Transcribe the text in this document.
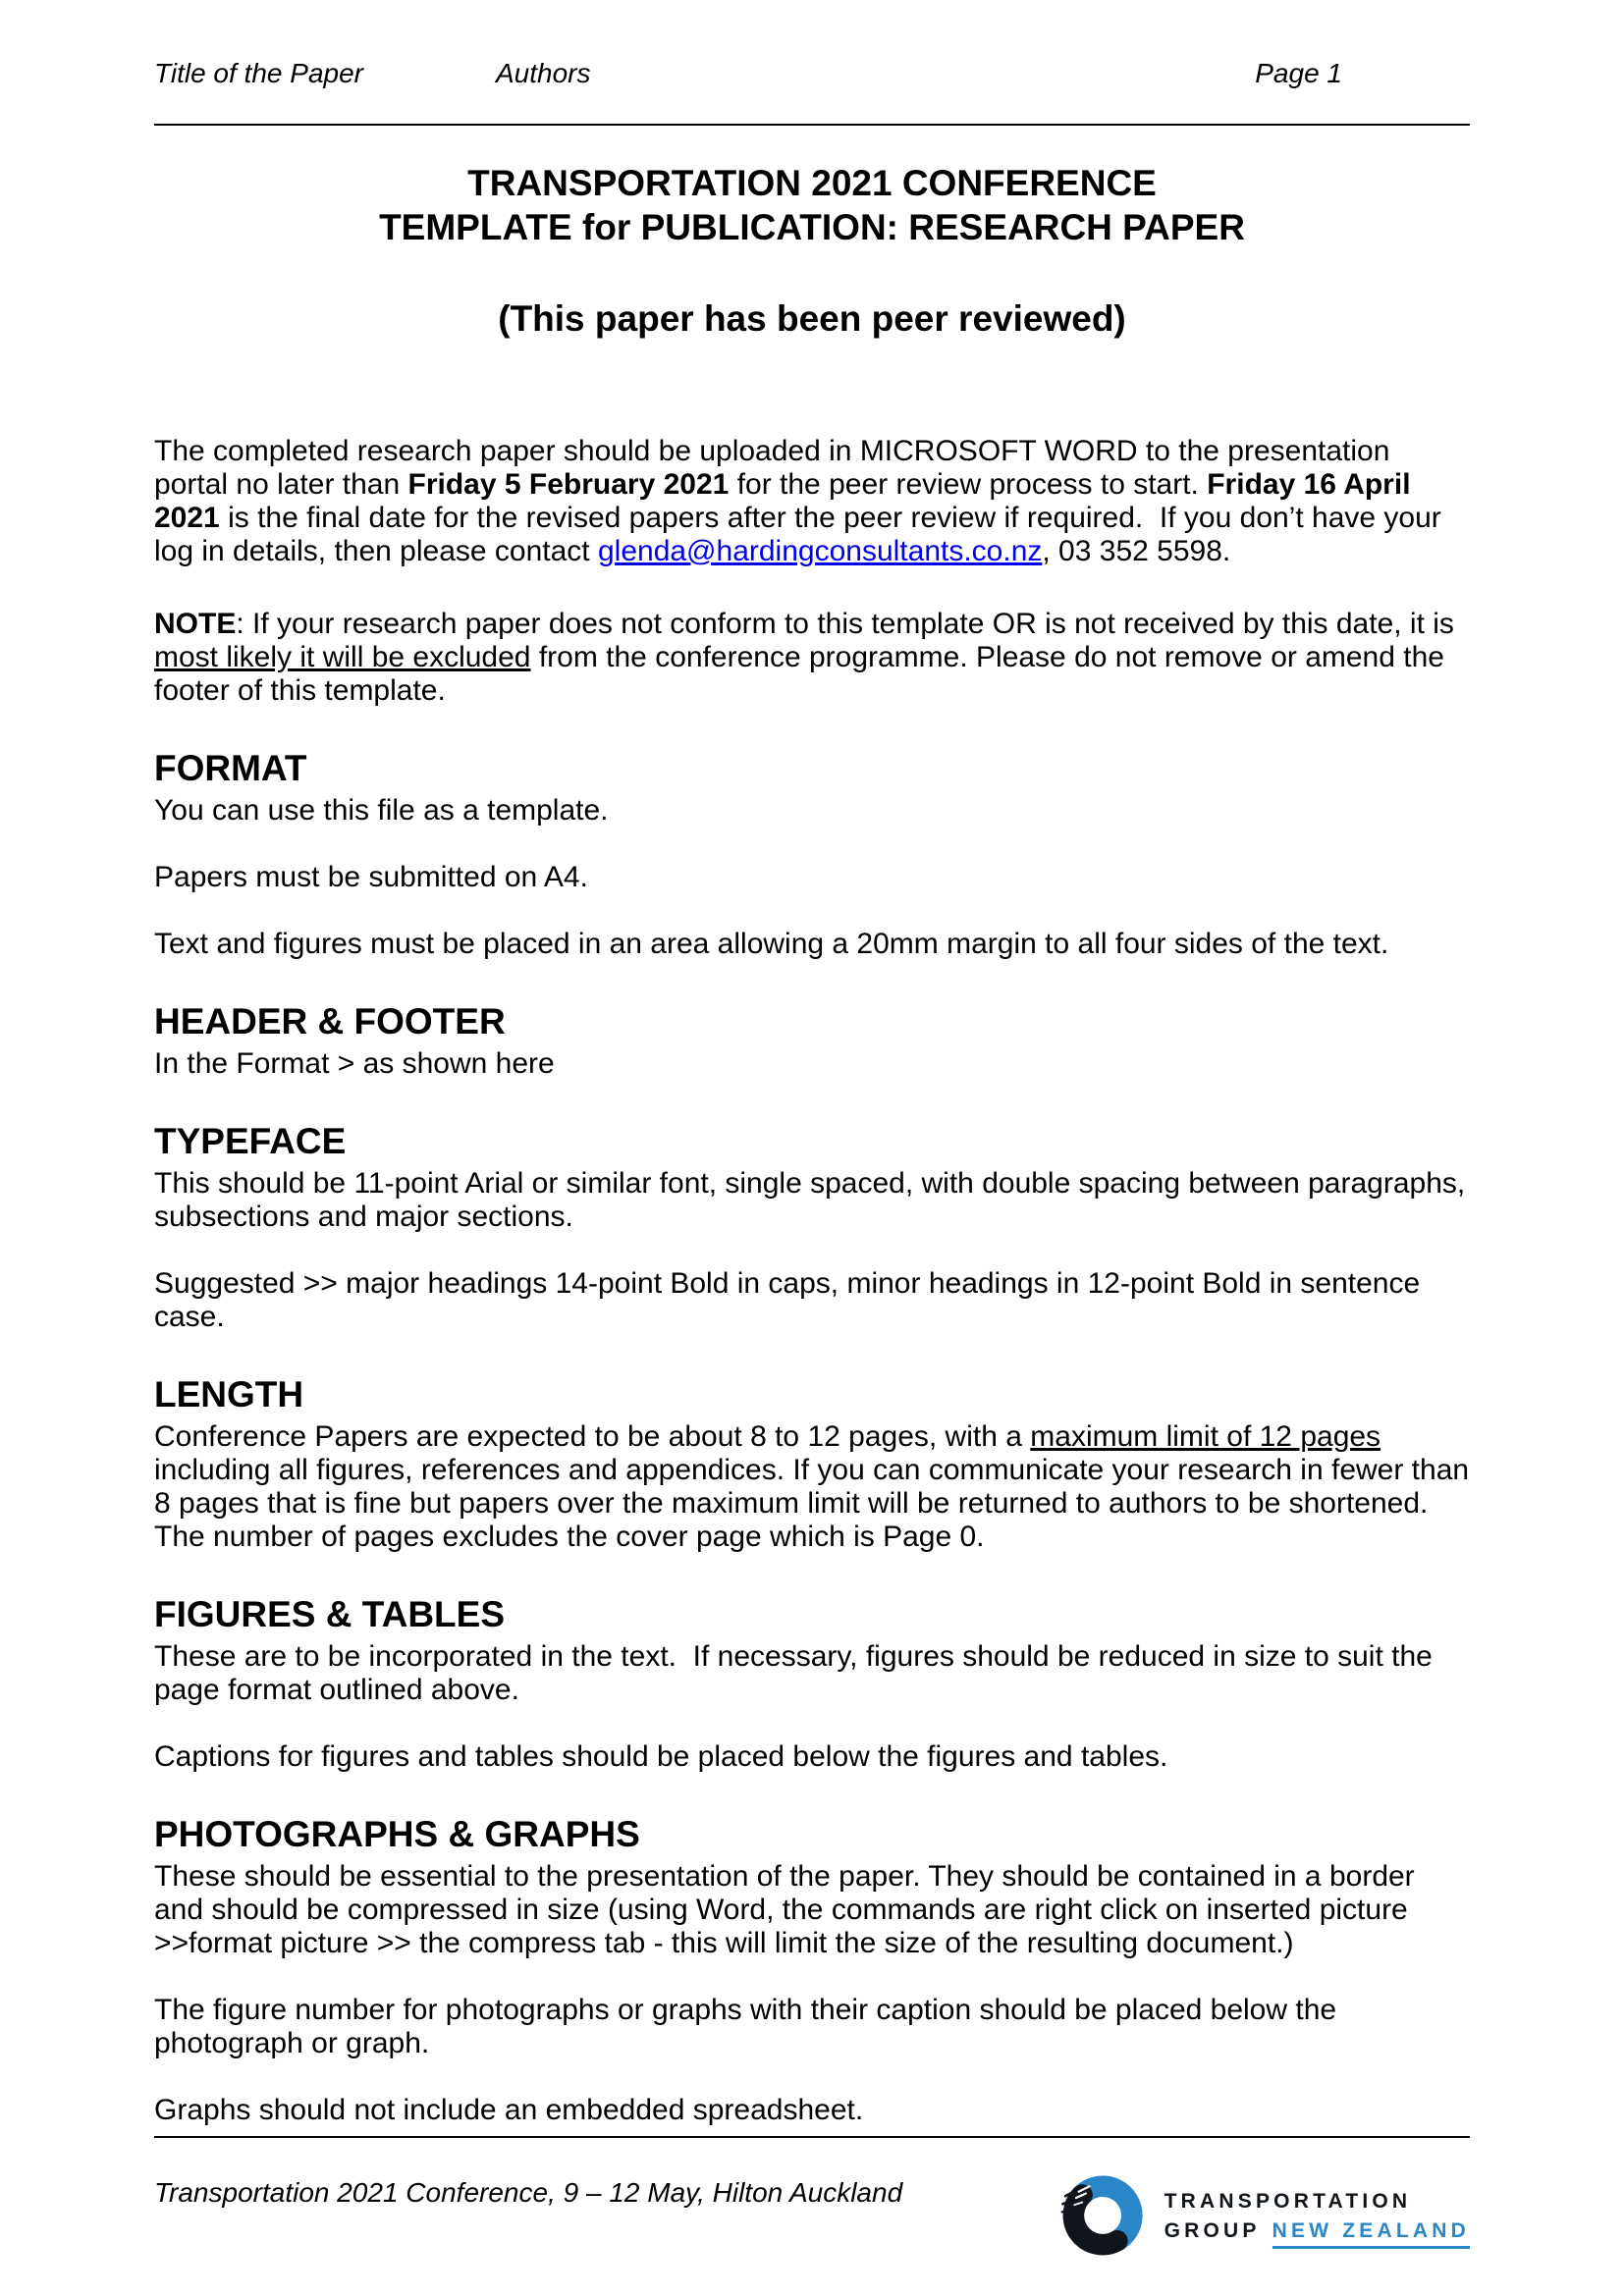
Title of the Paper	Authors	Page 1
TRANSPORTATION 2021 CONFERENCE
TEMPLATE for PUBLICATION: RESEARCH PAPER
(This paper has been peer reviewed)

The completed research paper should be uploaded in MICROSOFT WORD to the presentation portal no later than Friday 5 February 2021 for the peer review process to start. Friday 16 April 2021 is the final date for the revised papers after the peer review if required.  If you don’t have your log in details, then please contact glenda@hardingconsultants.co.nz, 03 352 5598.

NOTE: If your research paper does not conform to this template OR is not received by this date, it is most likely it will be excluded from the conference programme. Please do not remove or amend the footer of this template.

FORMAT

You can use this file as a template.

Papers must be submitted on A4.

Text and figures must be placed in an area allowing a 20mm margin to all four sides of the text.

HEADER & FOOTER

In the Format > as shown here

TYPEFACE

This should be 11-point Arial or similar font, single spaced, with double spacing between paragraphs, subsections and major sections.

Suggested >> major headings 14-point Bold in caps, minor headings in 12-point Bold in sentence case.

LENGTH

Conference Papers are expected to be about 8 to 12 pages, with a maximum limit of 12 pages including all figures, references and appendices. If you can communicate your research in fewer than 8 pages that is fine but papers over the maximum limit will be returned to authors to be shortened. The number of pages excludes the cover page which is Page 0.

FIGURES & TABLES

These are to be incorporated in the text.  If necessary, figures should be reduced in size to suit the page format outlined above.

Captions for figures and tables should be placed below the figures and tables.

PHOTOGRAPHS & GRAPHS

These should be essential to the presentation of the paper. They should be contained in a border and should be compressed in size (using Word, the commands are right click on inserted picture >>format picture >> the compress tab - this will limit the size of the resulting document.)

The figure number for photographs or graphs with their caption should be placed below the photograph or graph.

Graphs should not include an embedded spreadsheet.

Transportation 2021 Conference, 9 – 12 May, Hilton Auckland	TRANSPORTATION
GROUP NEW ZEALAND
